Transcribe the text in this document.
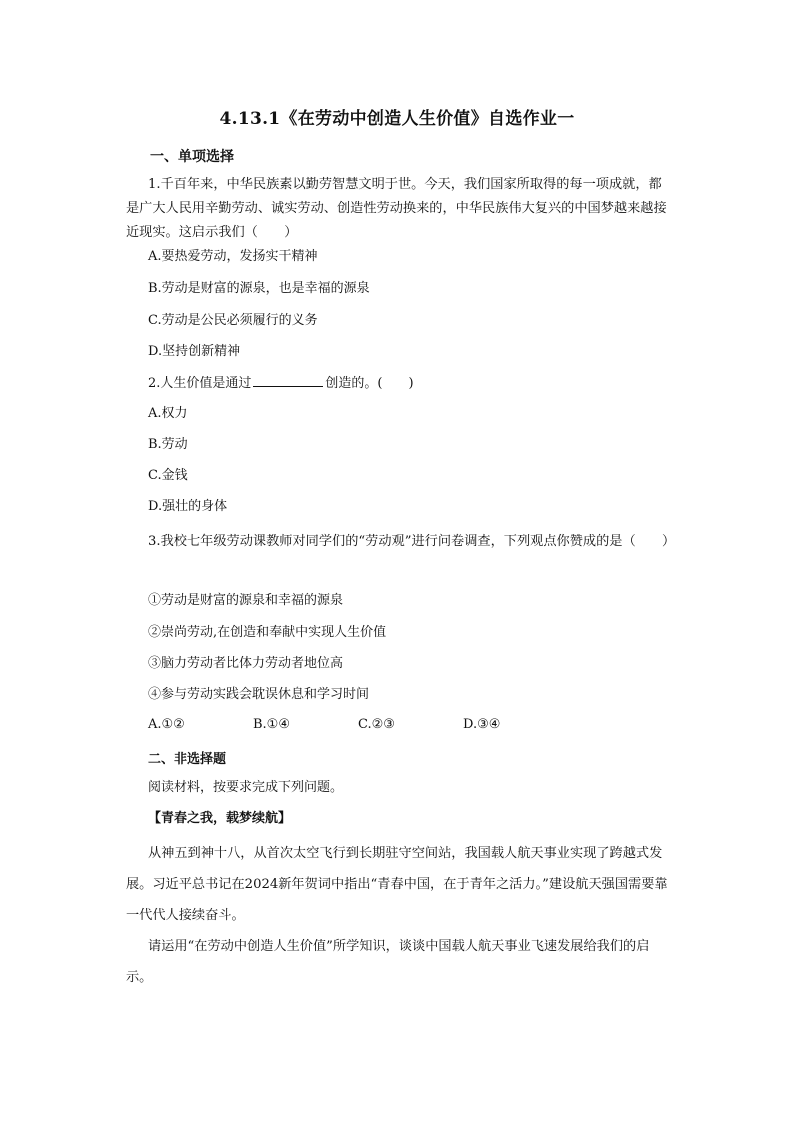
4.13.1《在劳动中创造人生价值》自选作业一
一、单项选择
1.千百年来，中华民族素以勤劳智慧文明于世。今天，我们国家所取得的每一项成就，都是广大人民用辛勤劳动、诚实劳动、创造性劳动换来的，中华民族伟大复兴的中国梦越来越接近现实。这启示我们（　　）
A.要热爱劳动，发扬实干精神
B.劳动是财富的源泉，也是幸福的源泉
C.劳动是公民必须履行的义务
D.坚持创新精神
2.人生价值是通过	创造的。(　　)
A.权力
B.劳动
C.金钱
D.强壮的身体
3.我校七年级劳动课教师对同学们的“劳动观”进行问卷调查，下列观点你赞成的是（　　）
①劳动是财富的源泉和幸福的源泉
②崇尚劳动,在创造和奉献中实现人生价值
③脑力劳动者比体力劳动者地位高
④参与劳动实践会耽误休息和学习时间
A.①②	B.①④	C.②③	D.③④
二、非选择题
阅读材料，按要求完成下列问题。
【青春之我，载梦续航】
从神五到神十八，从首次太空飞行到长期驻守空间站，我国载人航天事业实现了跨越式发展。习近平总书记在2024新年贺词中指出“青春中国，在于青年之活力。”建设航天强国需要靠一代代人接续奋斗。
请运用“在劳动中创造人生价值”所学知识，谈谈中国载人航天事业飞速发展给我们的启示。
